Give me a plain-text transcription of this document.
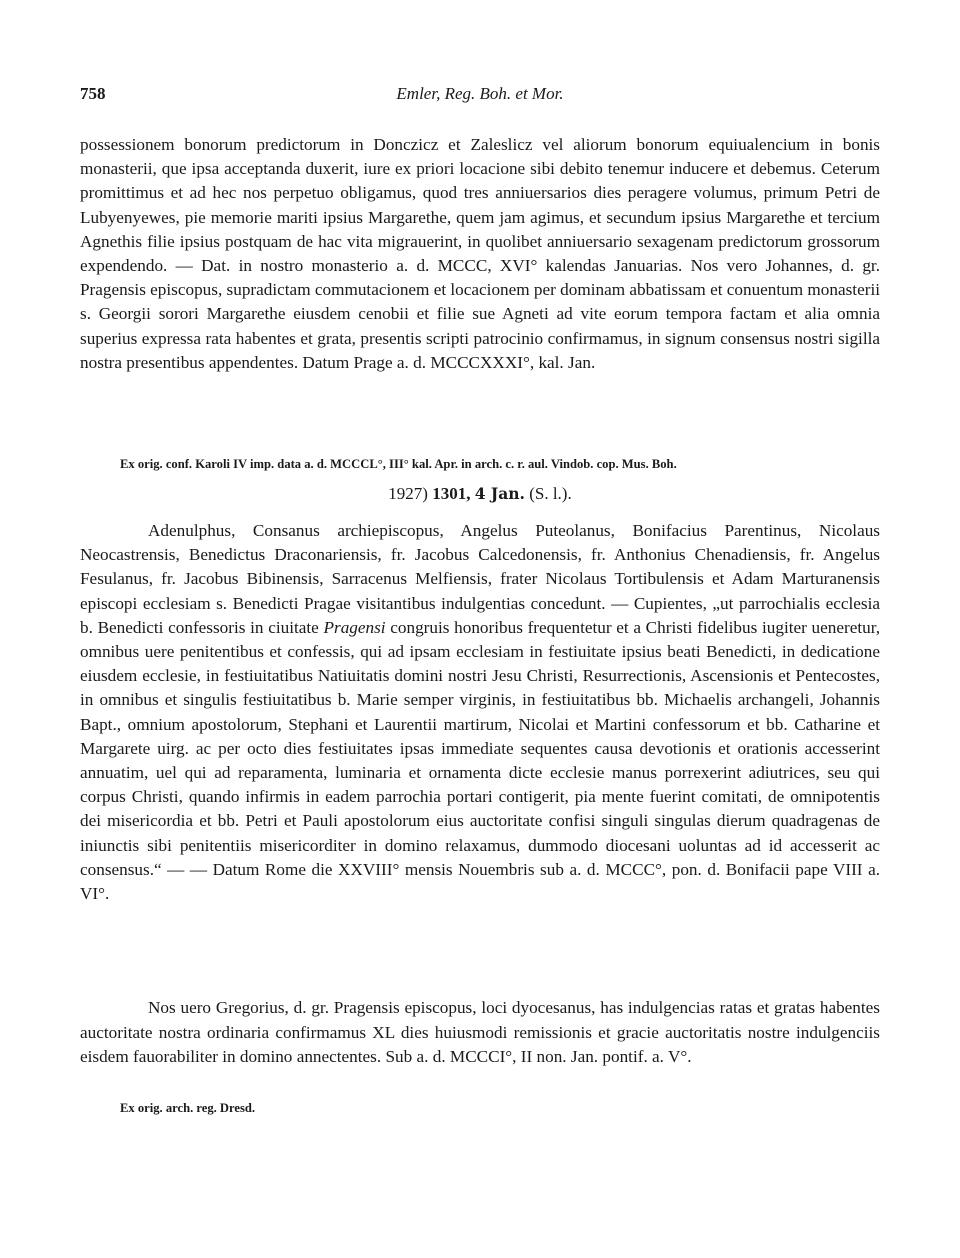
758	Emler, Reg. Boh. et Mor.

possessionem bonorum predictorum in Donczicz et Zaleslicz vel aliorum bonorum equiualencium in bonis monasterii, que ipsa acceptanda duxerit, iure ex priori locacione sibi debito tenemur inducere et debemus. Ceterum promittimus et ad hec nos perpetuo obligamus, quod tres anniuersarios dies peragere volumus, primum Petri de Lubyenyewes, pie memorie mariti ipsius Margarethe, quem jam agimus, et secundum ipsius Margarethe et tercium Agnethis filie ipsius postquam de hac vita migrauerint, in quolibet anniuersario sexagenam predictorum grossorum expendendo. — Dat. in nostro monasterio a. d. MCCC, XVI° kalendas Januarias. Nos vero Johannes, d. gr. Pragensis episcopus, supradictam commutacionem et locacionem per dominam abbatissam et conuentum monasterii s. Georgii sorori Margarethe eiusdem cenobii et filie sue Agneti ad vite eorum tempora factam et alia omnia superius expressa rata habentes et grata, presentis scripti patrocinio confirmamus, in signum consensus nostri sigilla nostra presentibus appendentes. Datum Prage a. d. MCCCXXXI°, kal. Jan.

Ex orig. conf. Karoli IV imp. data a. d. MCCCL°, III° kal. Apr. in arch. c. r. aul. Vindob. cop. Mus. Boh.
1927) 1301, 4 Jan. (S. l.).

Adenulphus, Consanus archiepiscopus, Angelus Puteolanus, Bonifacius Parentinus, Nicolaus Neocastrensis, Benedictus Draconariensis, fr. Jacobus Calcedonensis, fr. Anthonius Chenadiensis, fr. Angelus Fesulanus, fr. Jacobus Bibinensis, Sarracenus Melfiensis, frater Nicolaus Tortibulensis et Adam Marturanensis episcopi ecclesiam s. Benedicti Pragae visitantibus indulgentias concedunt. — Cupientes, „ut parrochialis ecclesia b. Benedicti confessoris in ciuitate Pragensi congruis honoribus frequentetur et a Christi fidelibus iugiter ueneretur, omnibus uere penitentibus et confessis, qui ad ipsam ecclesiam in festiuitate ipsius beati Benedicti, in dedicatione eiusdem ecclesie, in festiuitatibus Natiuitatis domini nostri Jesu Christi, Resurrectionis, Ascensionis et Pentecostes, in omnibus et singulis festiuitatibus b. Marie semper virginis, in festiuitatibus bb. Michaelis archangeli, Johannis Bapt., omnium apostolorum, Stephani et Laurentii martirum, Nicolai et Martini confessorum et bb. Catharine et Margarete uirg. ac per octo dies festiuitates ipsas immediate sequentes causa devotionis et orationis accesserint annuatim, uel qui ad reparamenta, luminaria et ornamenta dicte ecclesie manus porrexerint adiutrices, seu qui corpus Christi, quando infirmis in eadem parrochia portari contigerit, pia mente fuerint comitati, de omnipotentis dei misericordia et bb. Petri et Pauli apostolorum eius auctoritate confisi singuli singulas dierum quadragenas de iniunctis sibi penitentiis misericorditer in domino relaxamus, dummodo diocesani uoluntas ad id accesserit ac consensus.“ — — Datum Rome die XXVIII° mensis Nouembris sub a. d. MCCC°, pon. d. Bonifacii pape VIII a. VI°.

Nos uero Gregorius, d. gr. Pragensis episcopus, loci dyocesanus, has indulgencias ratas et gratas habentes auctoritate nostra ordinaria confirmamus XL dies huiusmodi remissionis et gracie auctoritatis nostre indulgenciis eisdem fauorabiliter in domino annectentes. Sub a. d. MCCCI°, II non. Jan. pontif. a. V°.

Ex orig. arch. reg. Dresd.
